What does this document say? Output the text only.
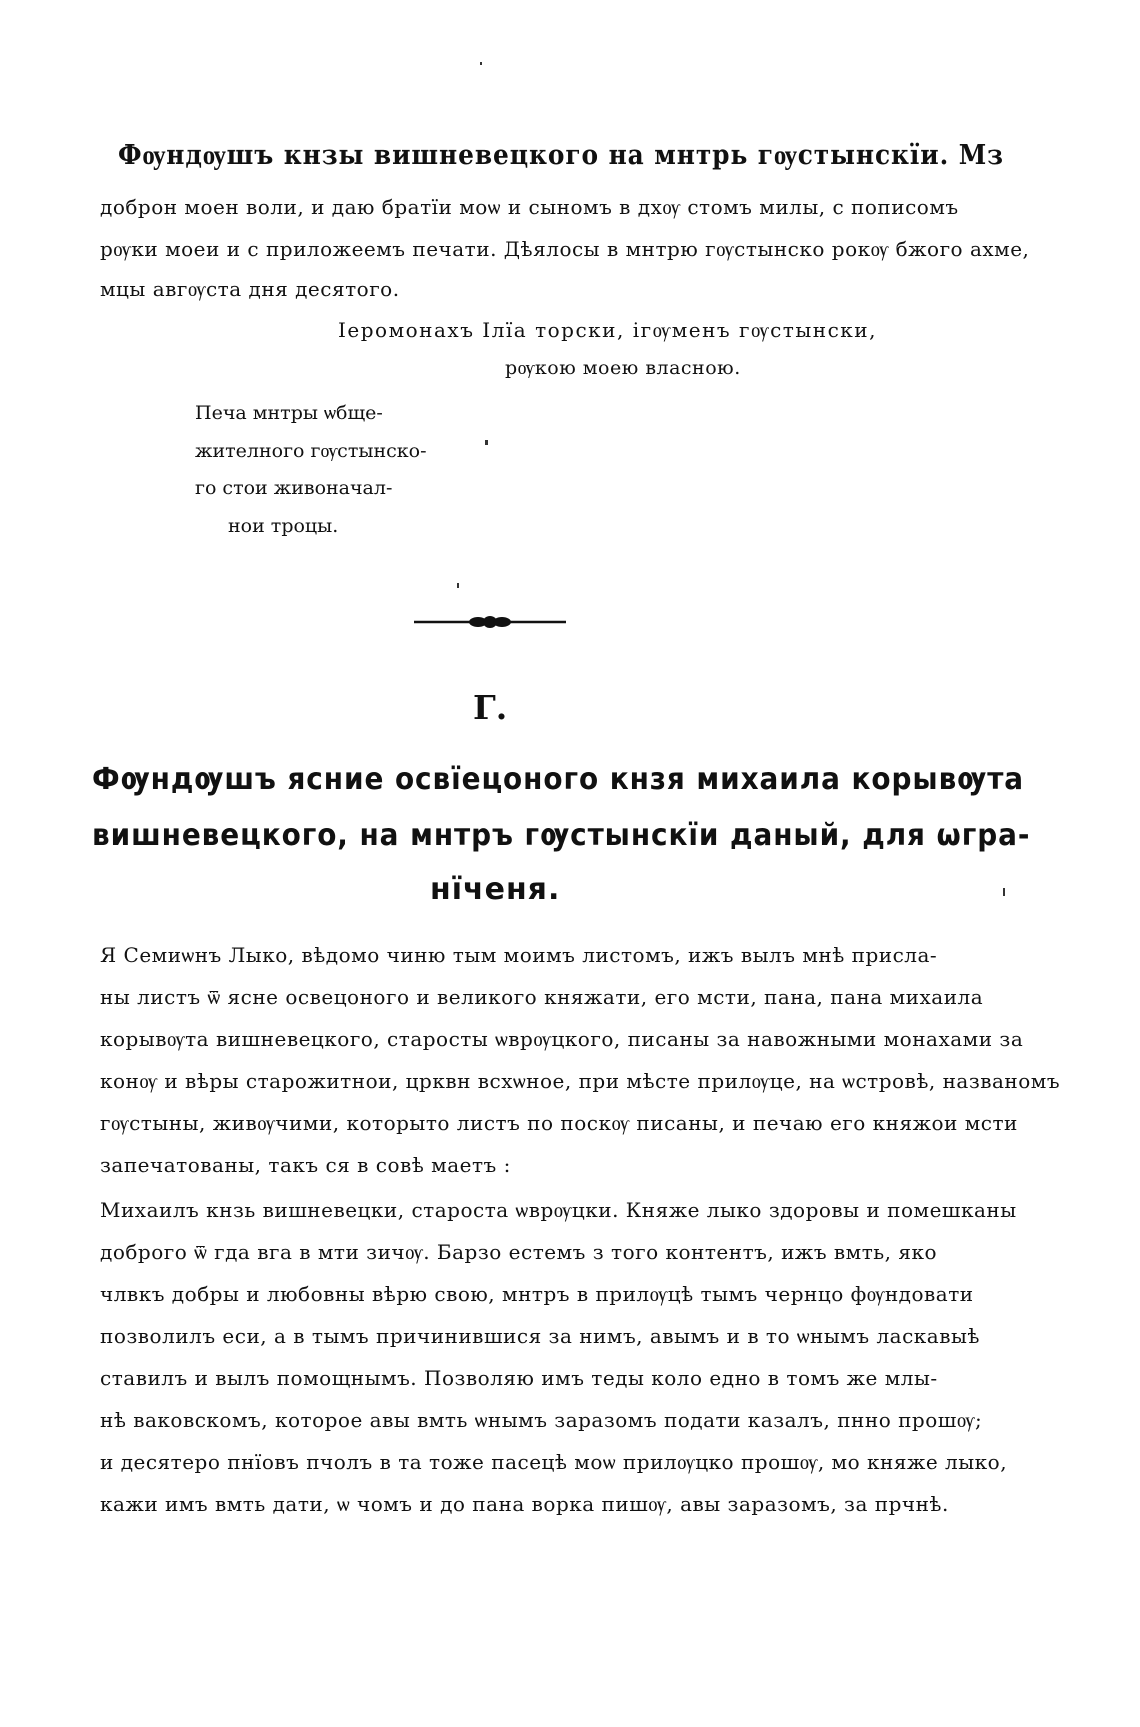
Фѹндѹшъ кнзы вишневецкого на мнтрь гѹстынскїи. Мз
доброн моен воли, и даю братїи моѡ и сыномъ в дхѹ стомъ милы, с пописомъ
рѹки моеи и с приложеемъ печати. Дѣялосы в мнтрю гѹстынско рокѹ бжого ахме,
мцы авгѹста дня десятого.
Іеромонахъ Ілїа торски, ігѹменъ гѹстынски,
рѹкою моею власною.
Печа мнтры ѡбще-
жителного гѹстынско-
го стои живоначал-
нои троцы.
Г.
Фѹндѹшъ ясние освїецоного кнзя михаила корывѹта
вишневецкого, на мнтръ гѹстынскїи даный, для ѡгра-
нїченя.
Я Семиѡнъ Лыко, вѣдомо чиню тым моимъ листомъ, ижъ вылъ мнѣ присла-
ны листъ ѿ ясне освецоного и великого княжати, его мсти, пана, пана михаила
корывѹта вишневецкого, старосты ѡврѹцкого, писаны за навожными монахами за
конѹ и вѣры старожитнои, црквн всхѡное, при мѣсте прилѹце, на ѡстровѣ, названомъ
гѹстыны, живѹчими, которыто листъ по поскѹ писаны, и печаю его княжои мсти
запечатованы, такъ ся в совѣ маетъ :
Михаилъ кнзь вишневецки, староста ѡврѹцки. Княже лыко здоровы и помешканы
доброго ѿ гда вга в мти зичѹ. Барзо естемъ з того контентъ, ижъ вмть, яко
члвкъ добры и любовны вѣрю свою, мнтръ в прилѹцѣ тымъ чернцо фѹндовати
позволилъ еси, а в тымъ причинившися за нимъ, авымъ и в то ѡнымъ ласкавыѣ
ставилъ и вылъ помощнымъ. Позволяю имъ теды коло едно в томъ же млы-
нѣ ваковскомъ, которое авы вмть ѡнымъ заразомъ подати казалъ, пнно прошѹ;
и десятеро пнїовъ пчолъ в та тоже пасецѣ моѡ прилѹцко прошѹ, мо княже лыко,
кажи имъ вмть дати, ѡ чомъ и до пана ворка пишѹ, авы заразомъ, за прчнѣ.
